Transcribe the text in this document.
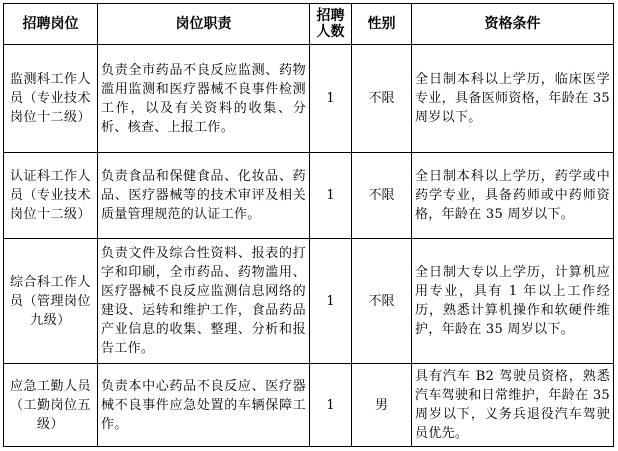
招聘岗位	岗位职责	招聘人数	性别	资格条件
监测科工作人员（专业技术岗位十二级）	负责全市药品不良反应监测、药物滥用监测和医疗器械不良事件检测工作，以及有关资料的收集、分析、核查、上报工作。	1	不限	全日制本科以上学历，临床医学专业，具备医师资格，年龄在 35 周岁以下。
认证科工作人员（专业技术岗位十二级）	负责食品和保健食品、化妆品、药品、医疗器械等的技术审评及相关质量管理规范的认证工作。	1	不限	全日制本科以上学历，药学或中药学专业，具备药师或中药师资格，年龄在 35 周岁以下。
综合科工作人员（管理岗位九级）	负责文件及综合性资料、报表的打字和印刷，全市药品、药物滥用、医疗器械不良反应监测信息网络的建设、运转和维护工作，食品药品产业信息的收集、整理、分析和报告工作。	1	不限	全日制大专以上学历，计算机应用专业，具有 1 年以上工作经历，熟悉计算机操作和软硬件维护，年龄在 35 周岁以下。
应急工勤人员（工勤岗位五级）	负责本中心药品不良反应、医疗器械不良事件应急处置的车辆保障工作。	1	男	具有汽车 B2 驾驶员资格，熟悉汽车驾驶和日常维护，年龄在 35 周岁以下，义务兵退役汽车驾驶员优先。
